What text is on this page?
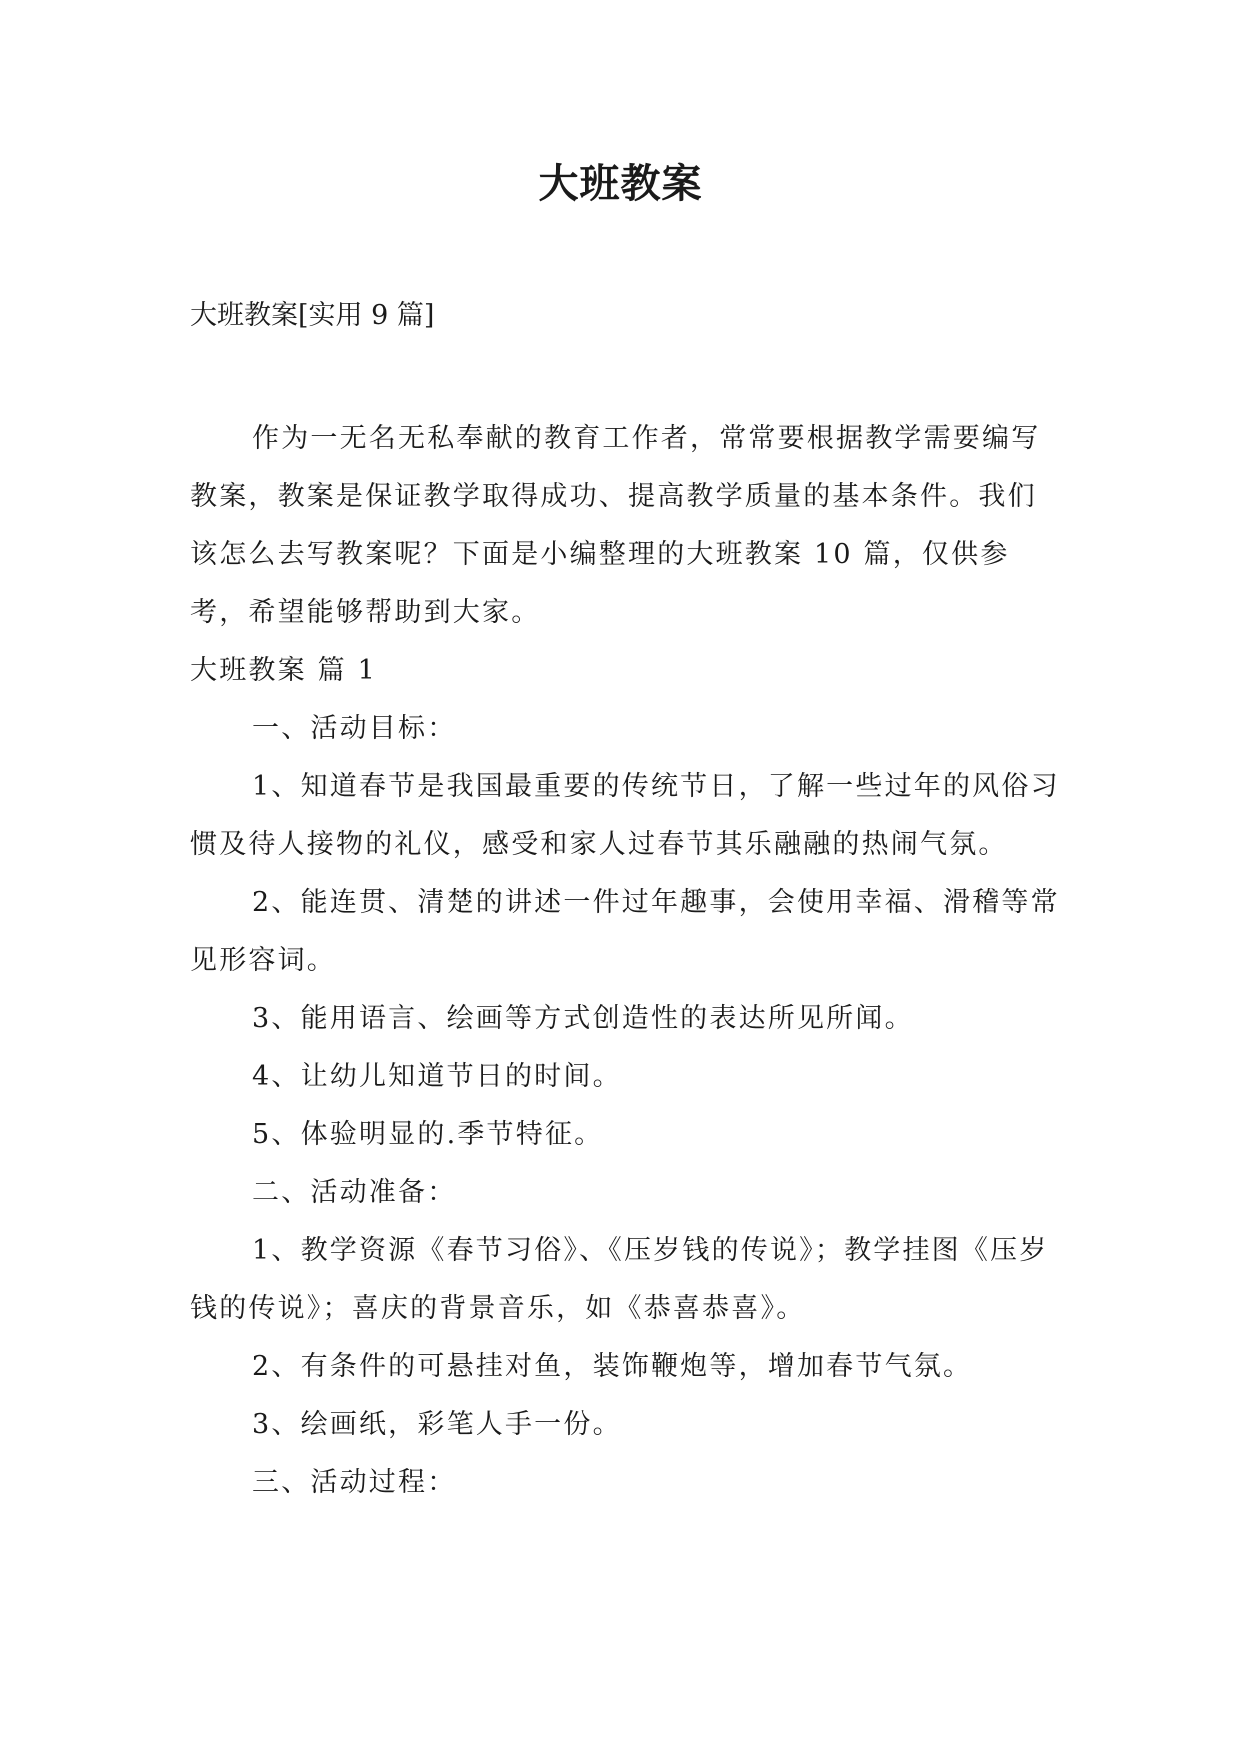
大班教案

大班教案[实用 9 篇]

作为一无名无私奉献的教育工作者，常常要根据教学需要编写教案，教案是保证教学取得成功、提高教学质量的基本条件。我们该怎么去写教案呢？下面是小编整理的大班教案 10 篇，仅供参考，希望能够帮助到大家。

大班教案 篇 1

一、活动目标：

1、知道春节是我国最重要的传统节日，了解一些过年的风俗习惯及待人接物的礼仪，感受和家人过春节其乐融融的热闹气氛。

2、能连贯、清楚的讲述一件过年趣事，会使用幸福、滑稽等常见形容词。

3、能用语言、绘画等方式创造性的表达所见所闻。

4、让幼儿知道节日的时间。

5、体验明显的.季节特征。

二、活动准备：

1、教学资源《春节习俗》、《压岁钱的传说》；教学挂图《压岁钱的传说》；喜庆的背景音乐，如《恭喜恭喜》。

2、有条件的可悬挂对鱼，装饰鞭炮等，增加春节气氛。

3、绘画纸，彩笔人手一份。

三、活动过程：
